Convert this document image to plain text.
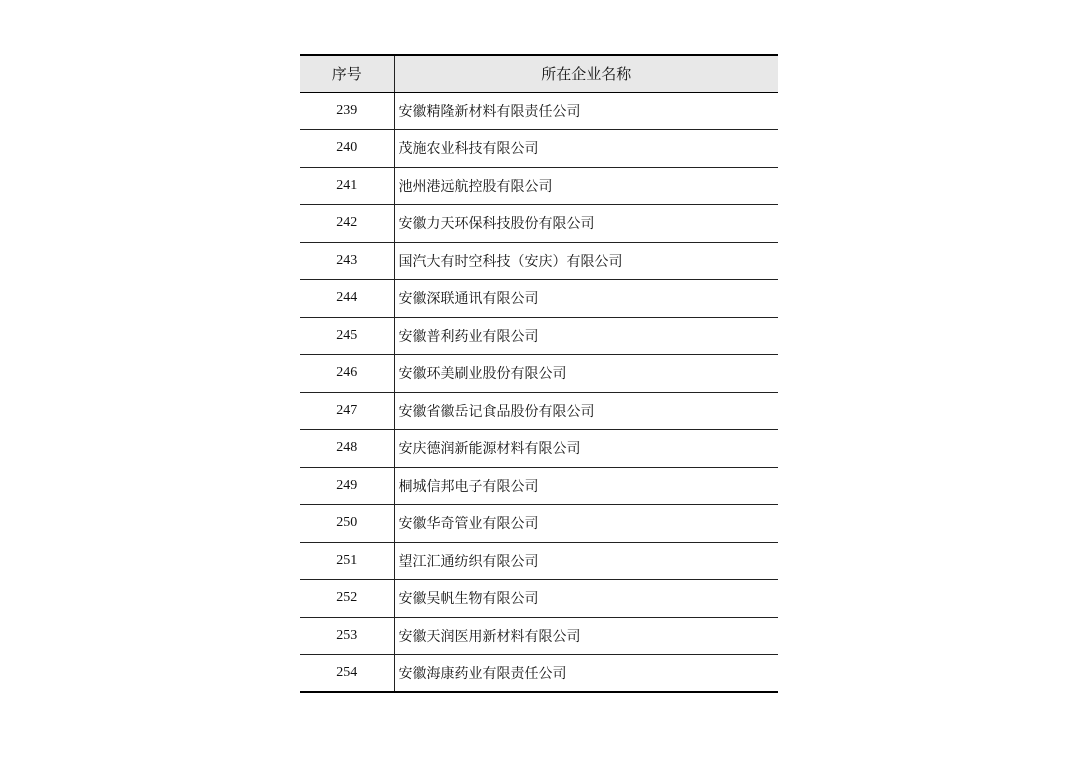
序号	所在企业名称
239	安徽精隆新材料有限责任公司
240	茂施农业科技有限公司
241	池州港远航控股有限公司
242	安徽力天环保科技股份有限公司
243	国汽大有时空科技（安庆）有限公司
244	安徽深联通讯有限公司
245	安徽普利药业有限公司
246	安徽环美刷业股份有限公司
247	安徽省徽岳记食品股份有限公司
248	安庆德润新能源材料有限公司
249	桐城信邦电子有限公司
250	安徽华奇管业有限公司
251	望江汇通纺织有限公司
252	安徽吴帆生物有限公司
253	安徽天润医用新材料有限公司
254	安徽海康药业有限责任公司
